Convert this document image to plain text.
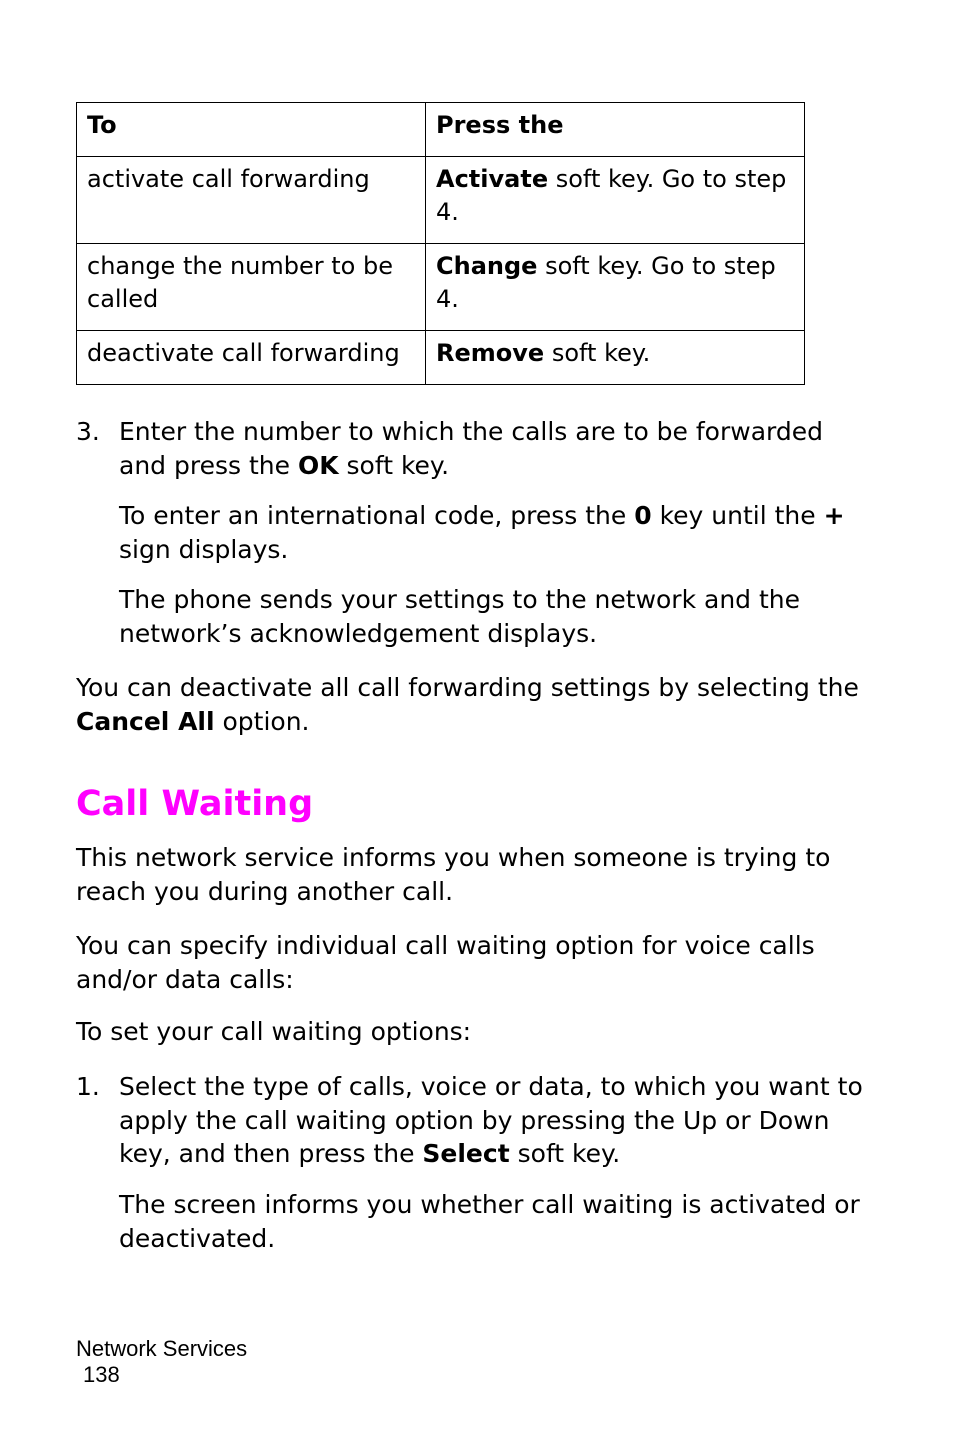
To	Press the
activate call forwarding	Activate soft key. Go to step 4.
change the number to be called	Change soft key. Go to step 4.
deactivate call forwarding	Remove soft key.
3. Enter the number to which the calls are to be forwarded and press the OK soft key.

To enter an international code, press the 0 key until the + sign displays.

The phone sends your settings to the network and the network’s acknowledgement displays.

You can deactivate all call forwarding settings by selecting the Cancel All option.

Call Waiting

This network service informs you when someone is trying to reach you during another call.

You can specify individual call waiting option for voice calls and/or data calls:

To set your call waiting options:

1. Select the type of calls, voice or data, to which you want to apply the call waiting option by pressing the Up or Down key, and then press the Select soft key.

The screen informs you whether call waiting is activated or deactivated.

Network Services
138
